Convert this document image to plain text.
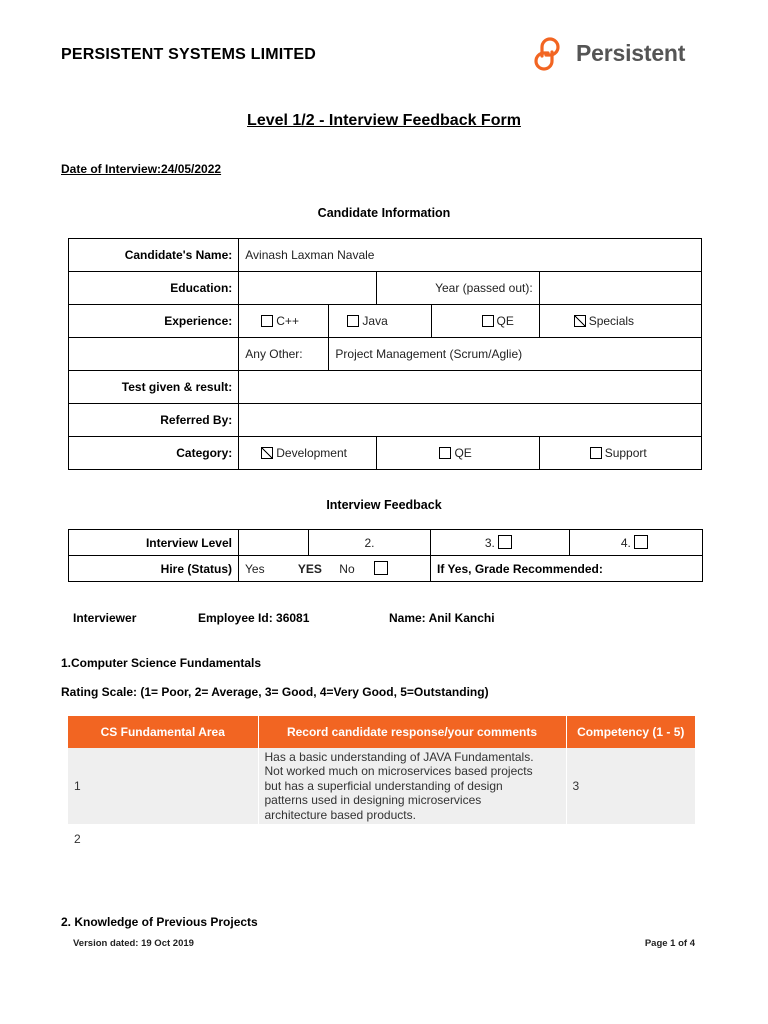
PERSISTENT SYSTEMS LIMITED	Persistent
Level 1/2 - Interview Feedback Form
Date of Interview:24/05/2022
Candidate Information
Candidate's Name:	Avinash Laxman Navale				
Education:			Year (passed out):		
Experience:	C++	Java		QE	Specials
	Any Other:	Project Management (Scrum/Aglie)			
Test given & result:					
Referred By:					
Category:	Development		QE		Support
Interview Feedback
Interview Level		2.	3.	4.
Hire (Status)	Yes YES No		If Yes, Grade Recommended:	
Interviewer	Employee Id: 36081	Name: Anil Kanchi
1.Computer Science Fundamentals
Rating Scale: (1= Poor, 2= Average, 3= Good, 4=Very Good, 5=Outstanding)
CS Fundamental Area	Record candidate response/your comments	Competency (1 - 5)
1	Has a basic understanding of JAVA Fundamentals.
Not worked much on microservices based projects
but has a superficial understanding of design
patterns used in designing microservices
architecture based products.	3
2
2. Knowledge of Previous Projects
Version dated: 19 Oct 2019	Page 1 of 4
